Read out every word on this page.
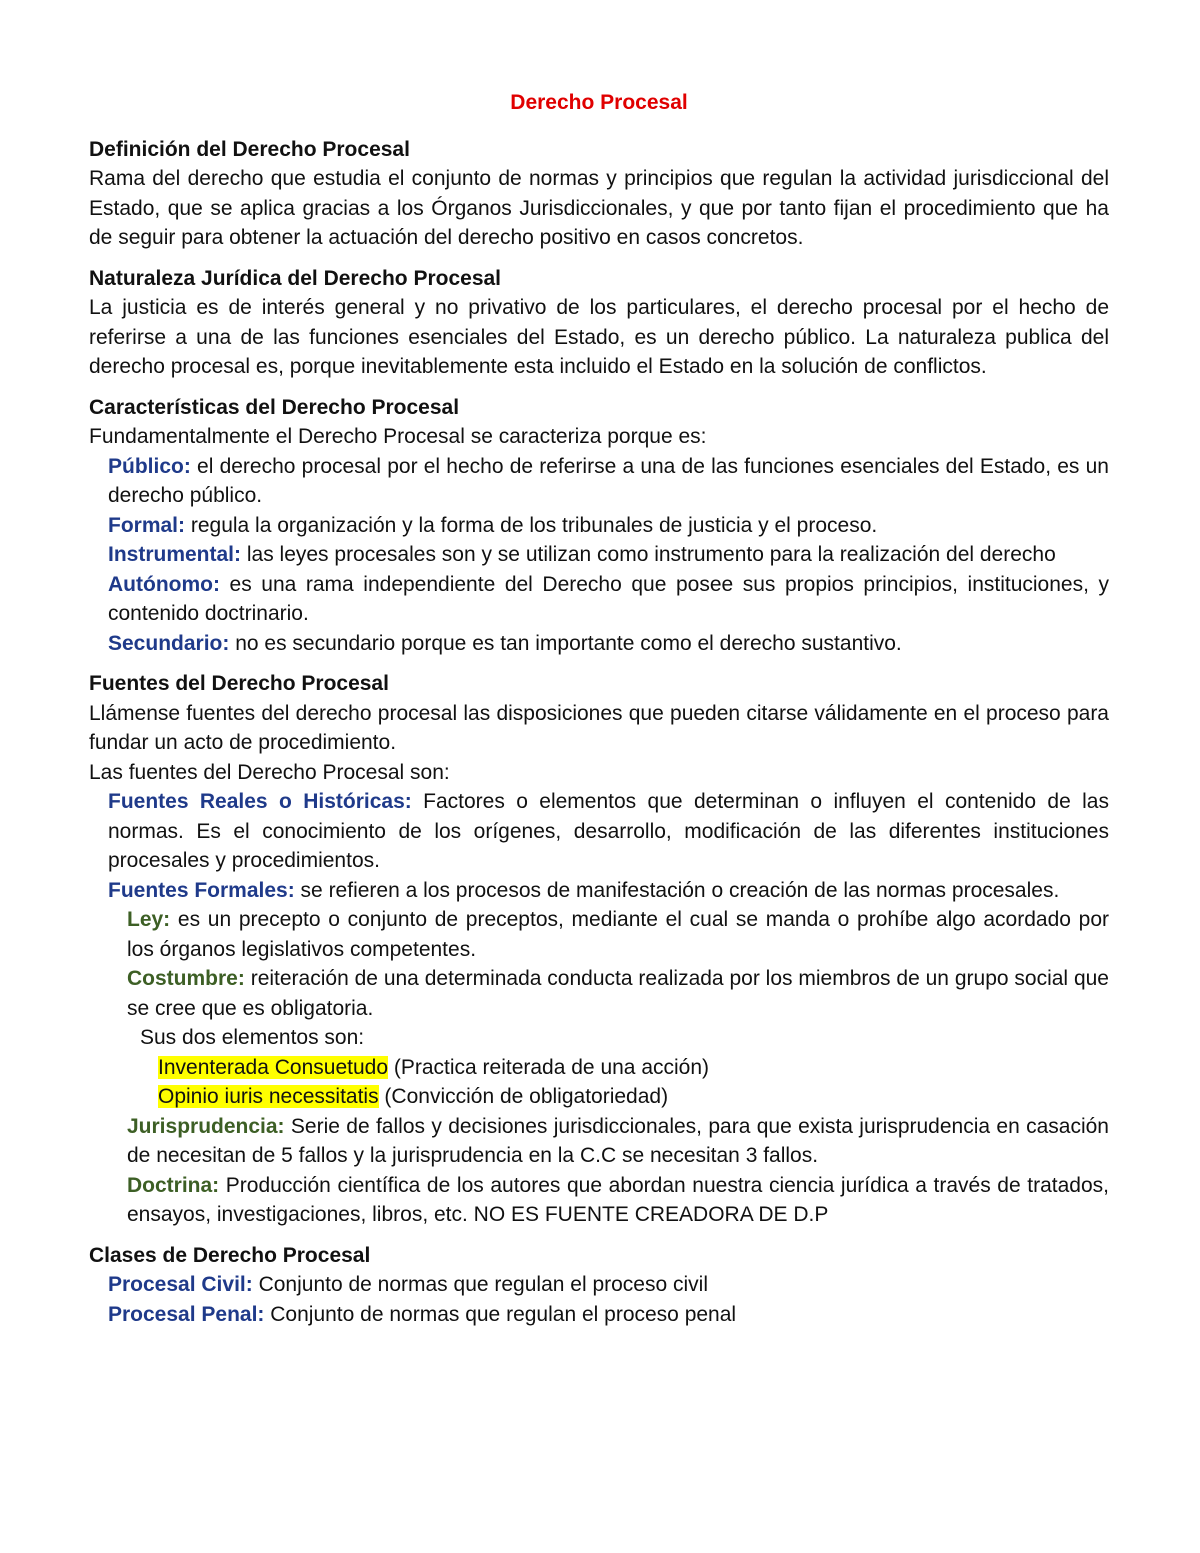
Derecho Procesal

Definición del Derecho Procesal

Rama del derecho que estudia el conjunto de normas y principios que regulan la actividad jurisdiccional del Estado, que se aplica gracias a los Órganos Jurisdiccionales, y que por tanto fijan el procedimiento que ha de seguir para obtener la actuación del derecho positivo en casos concretos.

Naturaleza Jurídica del Derecho Procesal

La justicia es de interés general y no privativo de los particulares, el derecho procesal por el hecho de referirse a una de las funciones esenciales del Estado, es un derecho público. La naturaleza publica del derecho procesal es, porque inevitablemente esta incluido el Estado en la solución de conflictos.

Características del Derecho Procesal

Fundamentalmente el Derecho Procesal se caracteriza porque es:

Público: el derecho procesal por el hecho de referirse a una de las funciones esenciales del Estado, es un derecho público.

Formal: regula la organización y la forma de los tribunales de justicia y el proceso.

Instrumental: las leyes procesales son y se utilizan como instrumento para la realización del derecho

Autónomo: es una rama independiente del Derecho que posee sus propios principios, instituciones, y contenido doctrinario.

Secundario: no es secundario porque es tan importante como el derecho sustantivo.

Fuentes del Derecho Procesal

Llámense fuentes del derecho procesal las disposiciones que pueden citarse válidamente en el proceso para fundar un acto de procedimiento.

Las fuentes del Derecho Procesal son:

Fuentes Reales o Históricas: Factores o elementos que determinan o influyen el contenido de las normas. Es el conocimiento de los orígenes, desarrollo, modificación de las diferentes instituciones procesales y procedimientos.

Fuentes Formales: se refieren a los procesos de manifestación o creación de las normas procesales.

Ley: es un precepto o conjunto de preceptos, mediante el cual se manda o prohíbe algo acordado por los órganos legislativos competentes.

Costumbre: reiteración de una determinada conducta realizada por los miembros de un grupo social que se cree que es obligatoria.

Sus dos elementos son:

Inventerada Consuetudo (Practica reiterada de una acción)

Opinio iuris necessitatis (Convicción de obligatoriedad)

Jurisprudencia: Serie de fallos y decisiones jurisdiccionales, para que exista jurisprudencia en casación de necesitan de 5 fallos y la jurisprudencia en la C.C se necesitan 3 fallos.

Doctrina: Producción científica de los autores que abordan nuestra ciencia jurídica a través de tratados, ensayos, investigaciones, libros, etc. NO ES FUENTE CREADORA DE D.P

Clases de Derecho Procesal

Procesal Civil: Conjunto de normas que regulan el proceso civil

Procesal Penal: Conjunto de normas que regulan el proceso penal
